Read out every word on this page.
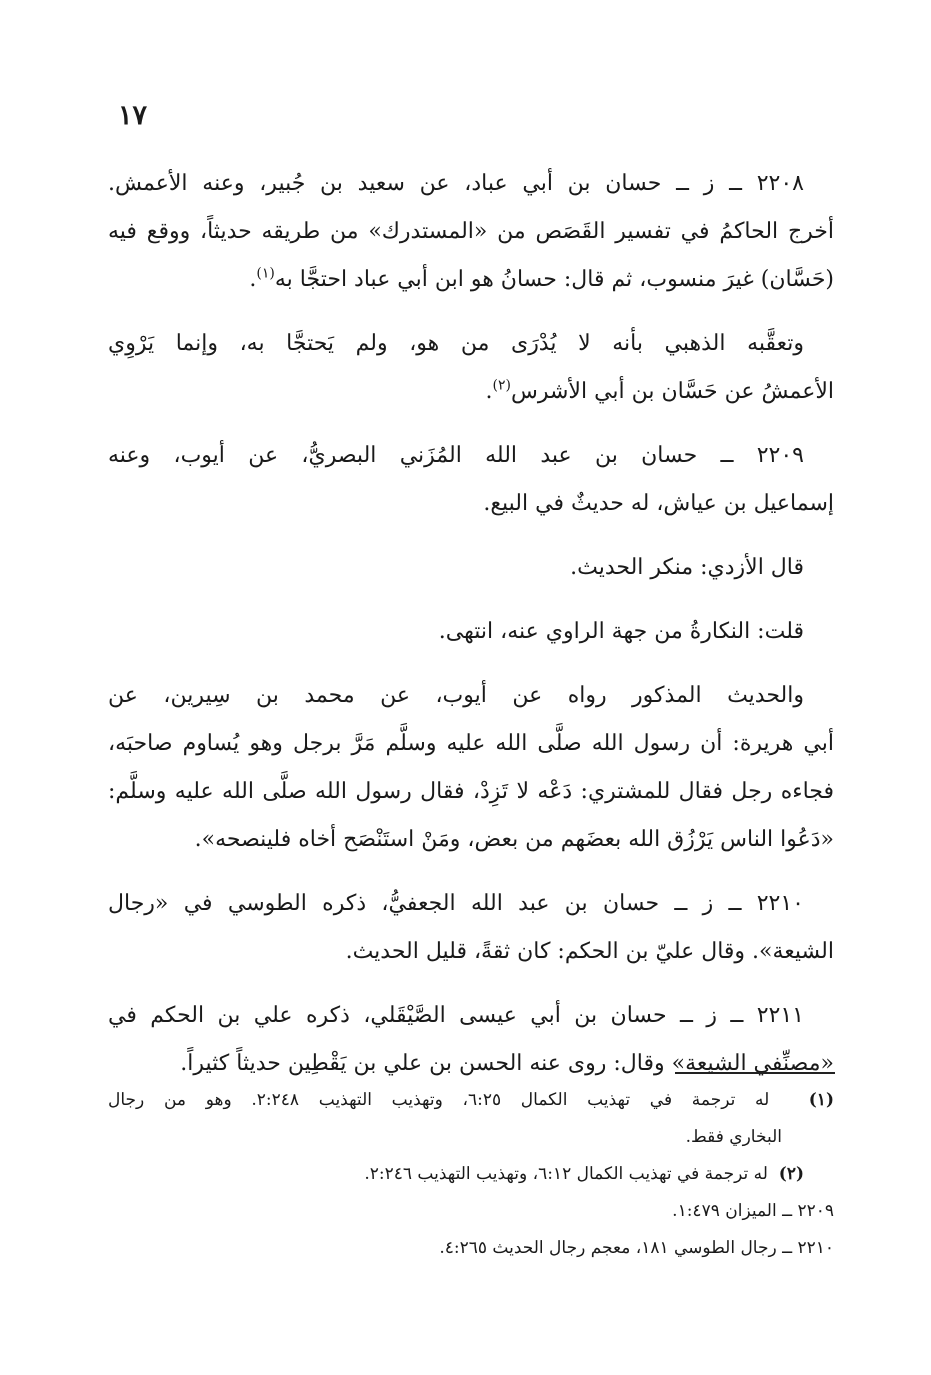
١٧
٢٢٠٨ ــ ز ــ حسان بن أبي عباد، عن سعيد بن جُبير، وعنه الأعمش.
أخرج الحاكمُ في تفسير القَصَص من «المستدرك» من طريقه حديثاً، ووقع فيه
(حَسَّان) غيرَ منسوب، ثم قال: حسانُ هو ابن أبي عباد احتجَّا به$^{(١)}$.
وتعقَّبه الذهبي بأنه لا يُدْرَى من هو، ولم يَحتجَّا به، وإنما يَرْوِي
الأعمشُ عن حَسَّان بن أبي الأشرس$^{(٢)}$.
٢٢٠٩ ــ حسان بن عبد الله المُزَني البصريُّ، عن أيوب، وعنه
إسماعيل بن عياش، له حديثٌ في البيع.
قال الأزدي: منكر الحديث.
قلت: النكارةُ من جهة الراوي عنه، انتهى.
والحديث المذكور رواه عن أيوب، عن محمد بن سِيرين، عن
أبي هريرة: أن رسول الله صلَّى الله عليه وسلَّم مَرَّ برجل وهو يُساوم صاحبَه،
فجاءه رجل فقال للمشتري: دَعْه لا تَزِدْ، فقال رسول الله صلَّى الله عليه وسلَّم:
«دَعُوا الناس يَرْزُق الله بعضَهم من بعض، ومَنْ استَنْصَح أخاه فلينصحه».
٢٢١٠ ــ ز ــ حسان بن عبد الله الجعفيُّ، ذكره الطوسي في «رجال
الشيعة». وقال عليّ بن الحكم: كان ثقةً، قليل الحديث.
٢٢١١ ــ ز ــ حسان بن أبي عيسى الصَّيْقَلي، ذكره علي بن الحكم في
«مصنِّفي الشيعة» وقال: روى عنه الحسن بن علي بن يَقْطِين حديثاً كثيراً.
(١)  له ترجمة في تهذيب الكمال ٦:٢٥، وتهذيب التهذيب ٢:٢٤٨. وهو من رجال
البخاري فقط.
(٢)  له ترجمة في تهذيب الكمال ٦:١٢، وتهذيب التهذيب ٢:٢٤٦.
٢٢٠٩ ــ الميزان ١:٤٧٩.
٢٢١٠ ــ رجال الطوسي ١٨١، معجم رجال الحديث ٤:٢٦٥.
